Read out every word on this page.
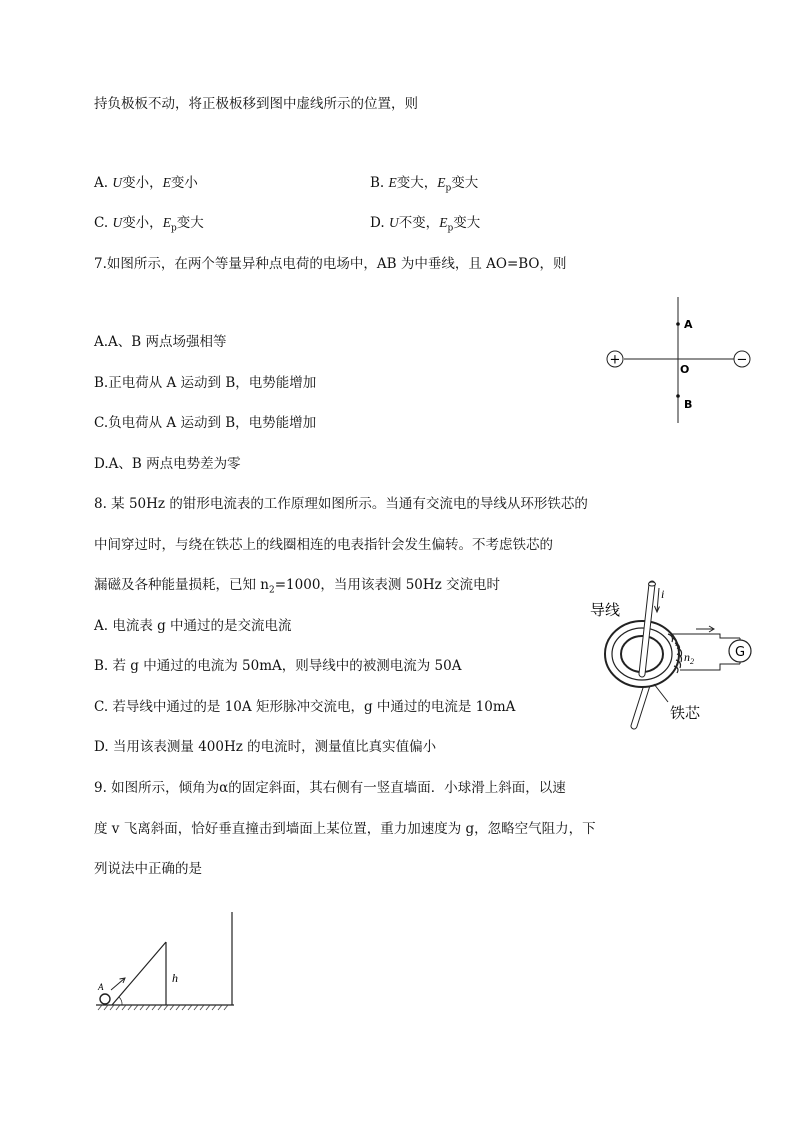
持负极板不动，将正极板移到图中虚线所示的位置，则
A. U变小，E变小	B. E变大，$E_p$变大
C. U变小，$E_p$变大	D. U不变，$E_p$变大
7.如图所示，在两个等量异种点电荷的电场中，AB 为中垂线，且 AO=BO，则
A.A、B 两点场强相等
B.正电荷从 A 运动到 B，电势能增加
C.负电荷从 A 运动到 B，电势能增加
D.A、B 两点电势差为零
+	−
A
O
B
8. 某 50Hz 的钳形电流表的工作原理如图所示。当通有交流电的导线从环形铁芯的
中间穿过时，与绕在铁芯上的线圈相连的电表指针会发生偏转。不考虑铁芯的
漏磁及各种能量损耗，已知 $n_2=1000$，当用该表测 50Hz 交流电时
A. 电流表 g 中通过的是交流电流
B. 若 g 中通过的电流为 50mA，则导线中的被测电流为 50A
C. 若导线中通过的是 10A 矩形脉冲交流电，g 中通过的电流是 10mA
D. 当用该表测量 400Hz 的电流时，测量值比真实值偏小
i
导线
G
$n_2$
铁芯
9. 如图所示，倾角为α的固定斜面，其右侧有一竖直墙面．小球滑上斜面，以速
度 v 飞离斜面，恰好垂直撞击到墙面上某位置，重力加速度为 g，忽略空气阻力，下
列说法中正确的是
A
h
